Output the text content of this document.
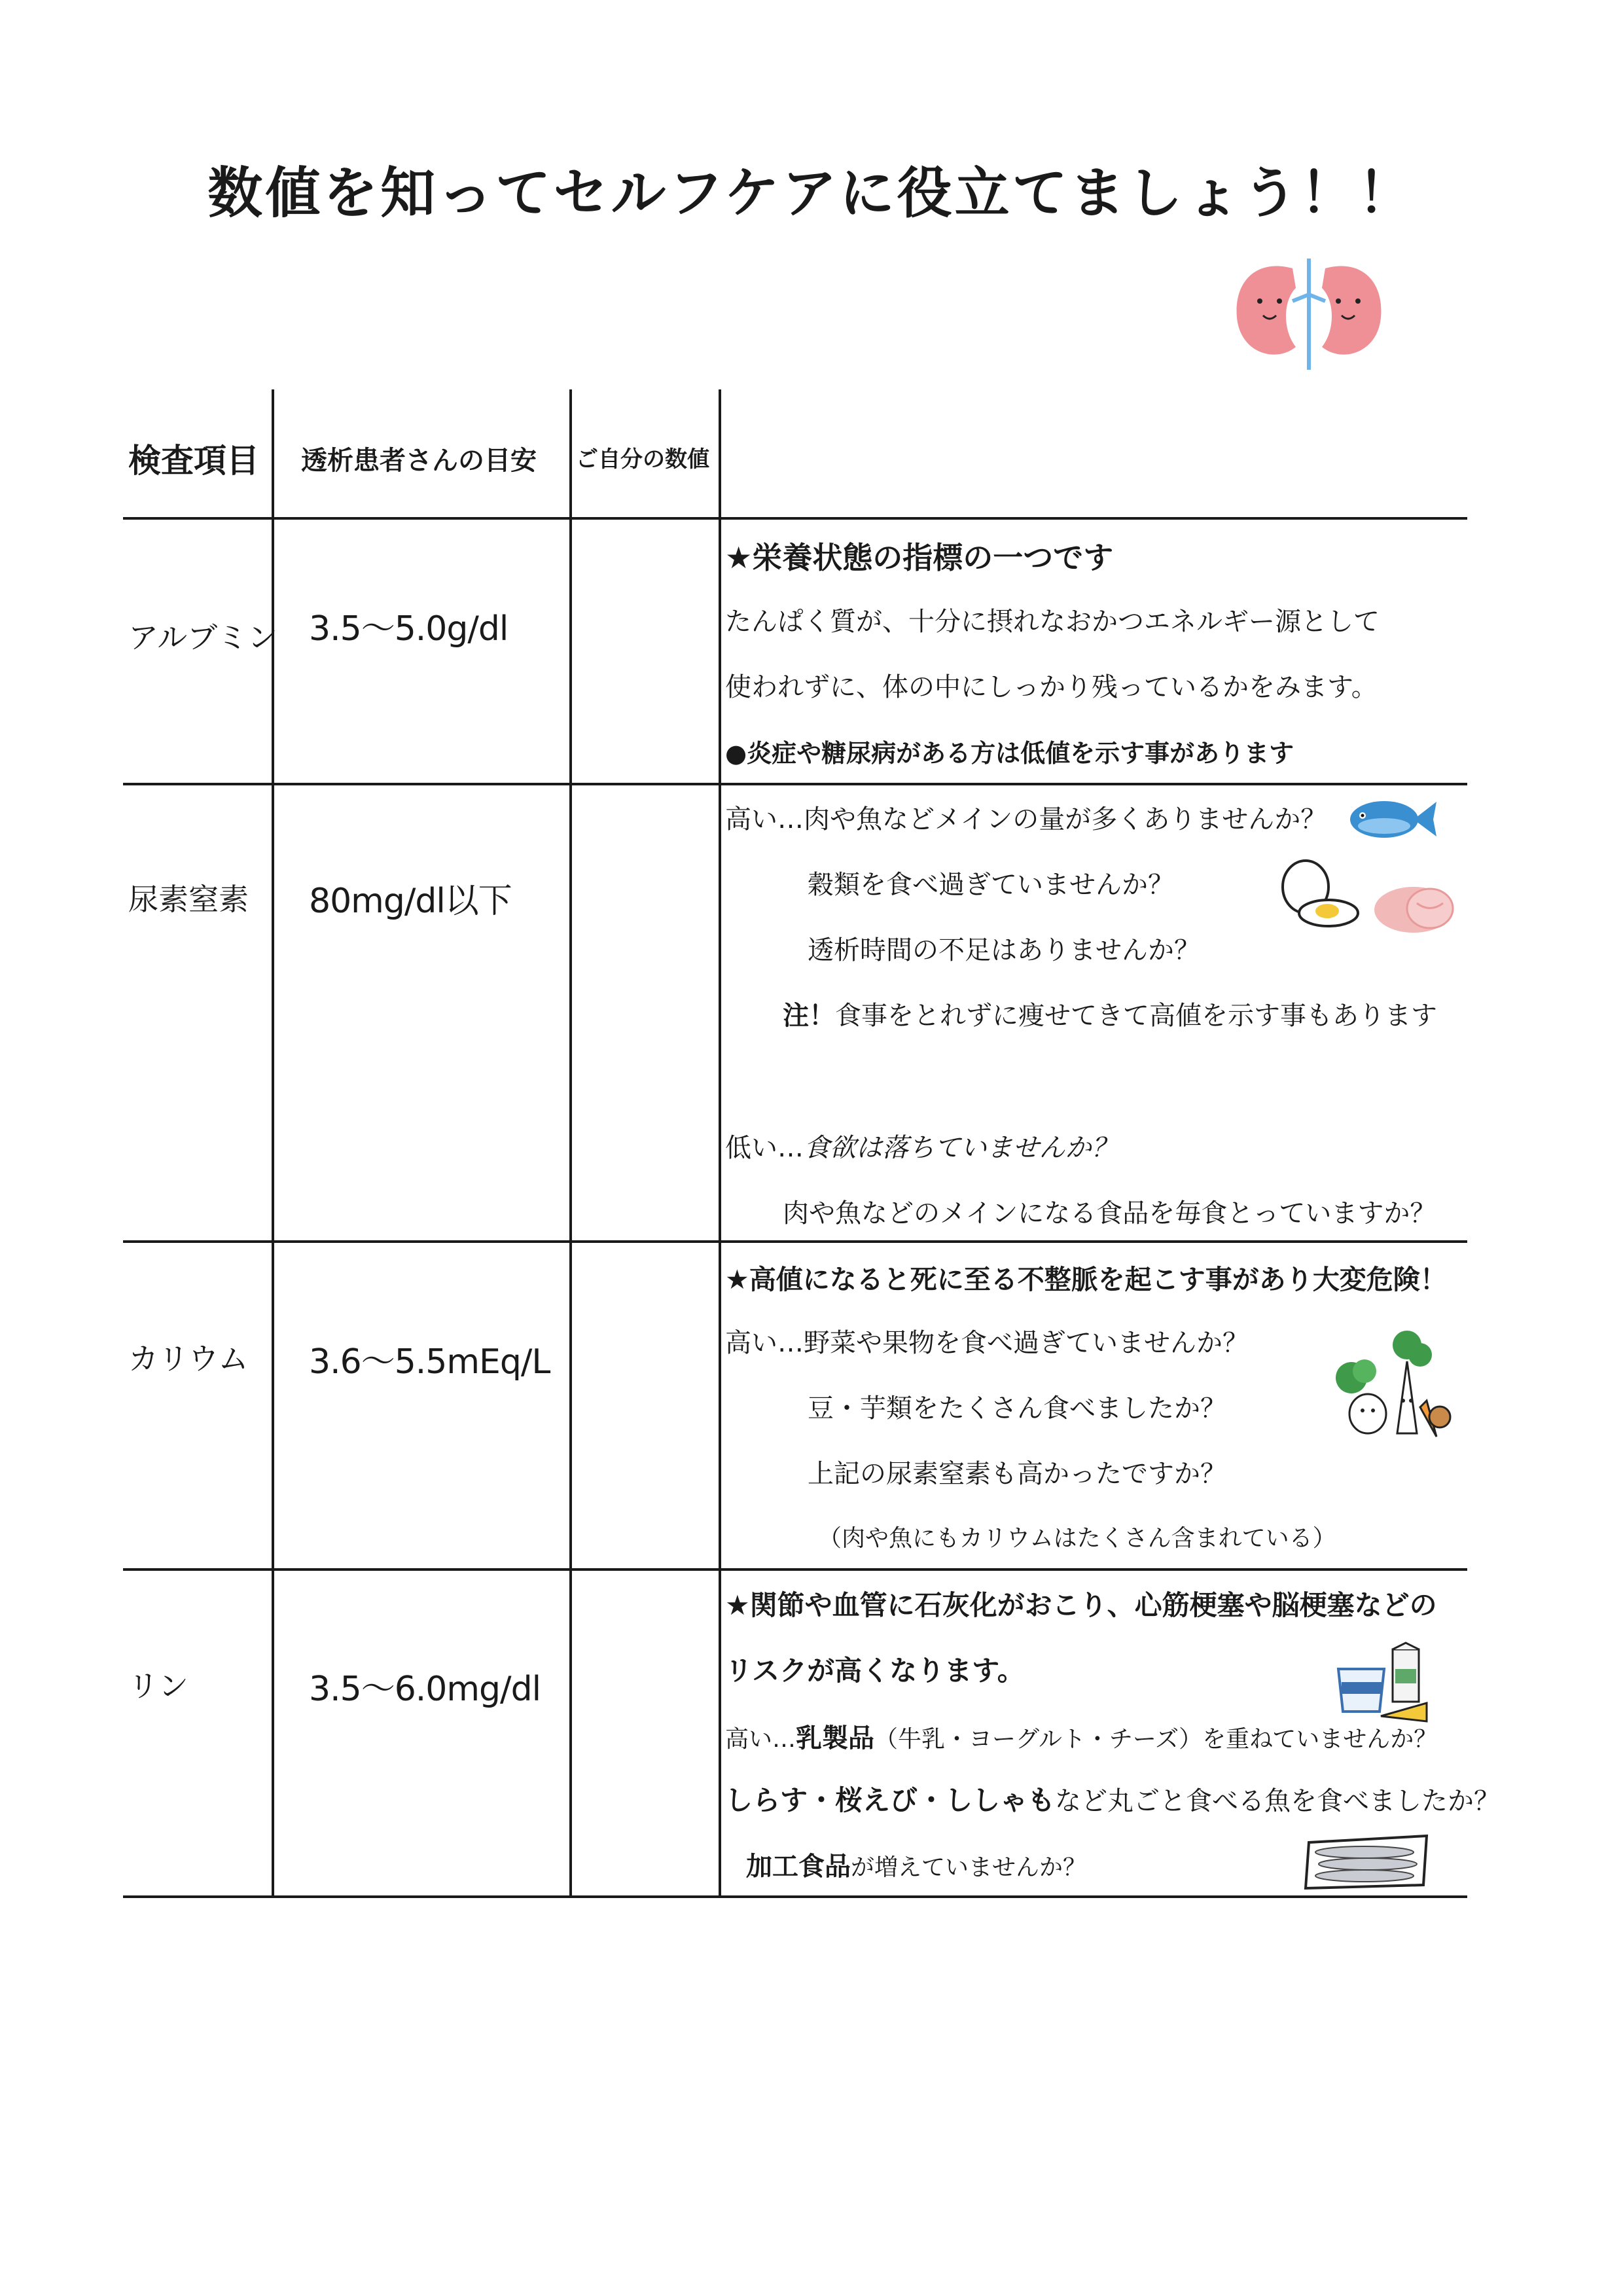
数値を知ってセルフケアに役立てましょう！！
検査項目 透析患者さんの目安 ご自分の数値
アルブミン 3.5〜5.0g/dl
★栄養状態の指標の一つです
たんぱく質が、十分に摂れなおかつエネルギー源として
使われずに、体の中にしっかり残っているかをみます。
●炎症や糖尿病がある方は低値を示す事があります
尿素窒素 80mg/dl以下
高い…肉や魚などメインの量が多くありませんか？
穀類を食べ過ぎていませんか？
透析時間の不足はありませんか？
注！食事をとれずに痩せてきて高値を示す事もあります
低い…食欲は落ちていませんか？
肉や魚などのメインになる食品を毎食とっていますか？
カリウム 3.6〜5.5mEq/L
★高値になると死に至る不整脈を起こす事があり大変危険！
高い…野菜や果物を食べ過ぎていませんか？
豆・芋類をたくさん食べましたか？
上記の尿素窒素も高かったですか？
（肉や魚にもカリウムはたくさん含まれている）
リン	3.5〜6.0mg/dl
★関節や血管に石灰化がおこり、心筋梗塞や脳梗塞などの
リスクが高くなります。
高い…乳製品（牛乳・ヨーグルト・チーズ）を重ねていませんか？
しらす・桜えび・ししゃもなど丸ごと食べる魚を食べましたか？
加工食品が増えていませんか？
